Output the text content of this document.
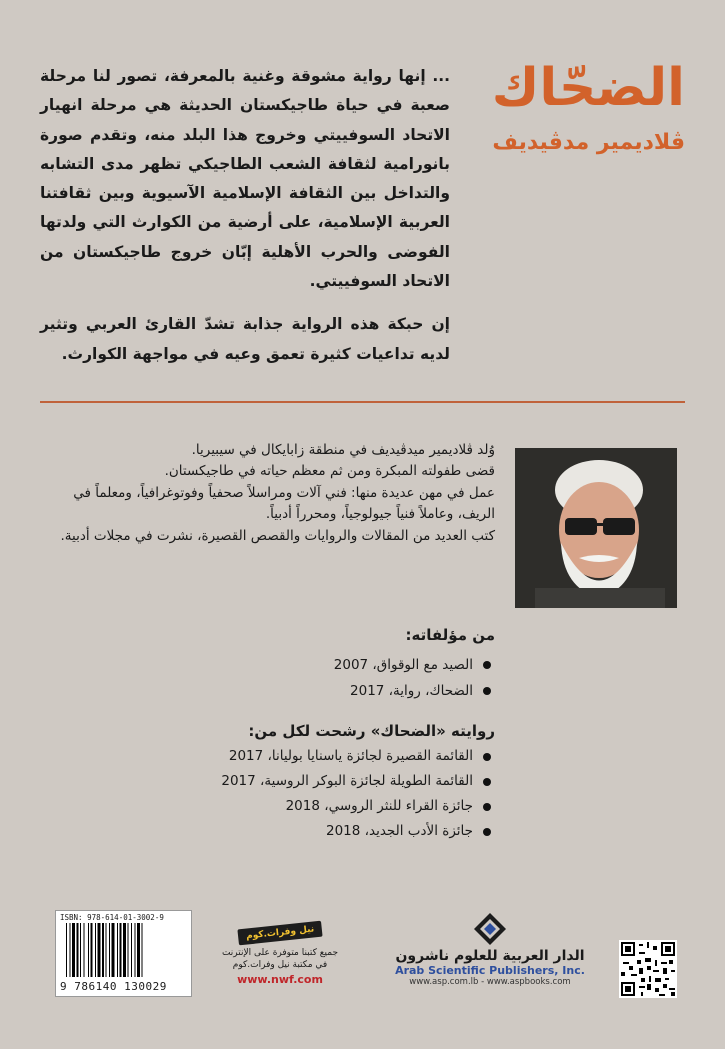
الضحّاك
ڤلاديمير مدڤيديف

... إنها رواية مشوقة وغنية بالمعرفة، تصور لنا مرحلة صعبة في حياة طاجيكستان الحديثة هي مرحلة انهيار الاتحاد السوفييتي وخروج هذا البلد منه، وتقدم صورة بانورامية لثقافة الشعب الطاجيكي تظهر مدى التشابه والتداخل بين الثقافة الإسلامية الآسيوية وبين ثقافتنا العربية الإسلامية، على أرضية من الكوارث التي ولدتها الفوضى والحرب الأهلية إبّان خروج طاجيكستان من الاتحاد السوفييتي.

إن حبكة هذه الرواية جذابة تشدّ القارئ العربي وتثير لديه تداعيات كثيرة تعمق وعيه في مواجهة الكوارث.

وُلد ڤلاديمير ميدڤيديف في منطقة زابايكال في سيبيريا.

قضى طفولته المبكرة ومن ثم معظم حياته في طاجيكستان.

عمل في مهن عديدة منها: فني آلات ومراسلاً صحفياً وفوتوغرافياً، ومعلماً في الريف، وعاملاً فنياً جيولوجياً، ومحرراً أدبياً.

كتب العديد من المقالات والروايات والقصص القصيرة، نشرت في مجلات أدبية.

من مؤلفاته:
الصيد مع الوقواق، 2007
الضحاك، رواية، 2017
روايته «الضحاك» رشحت لكل من:
القائمة القصيرة لجائزة ياسنايا بوليانا، 2017
القائمة الطويلة لجائزة البوكر الروسية، 2017
جائزة القراء للنثر الروسي، 2018
جائزة الأدب الجديد، 2018
ISBN: 978-614-01-3002-9
9 786140 130029
نيل وفرات.كوم
جميع كتبنا متوفرة على الإنترنت في مكتبة نيل وفرات.كوم
www.nwf.com
الدار العربية للعلوم ناشرون
Arab Scientific Publishers, Inc.
www.asp.com.lb - www.aspbooks.com
